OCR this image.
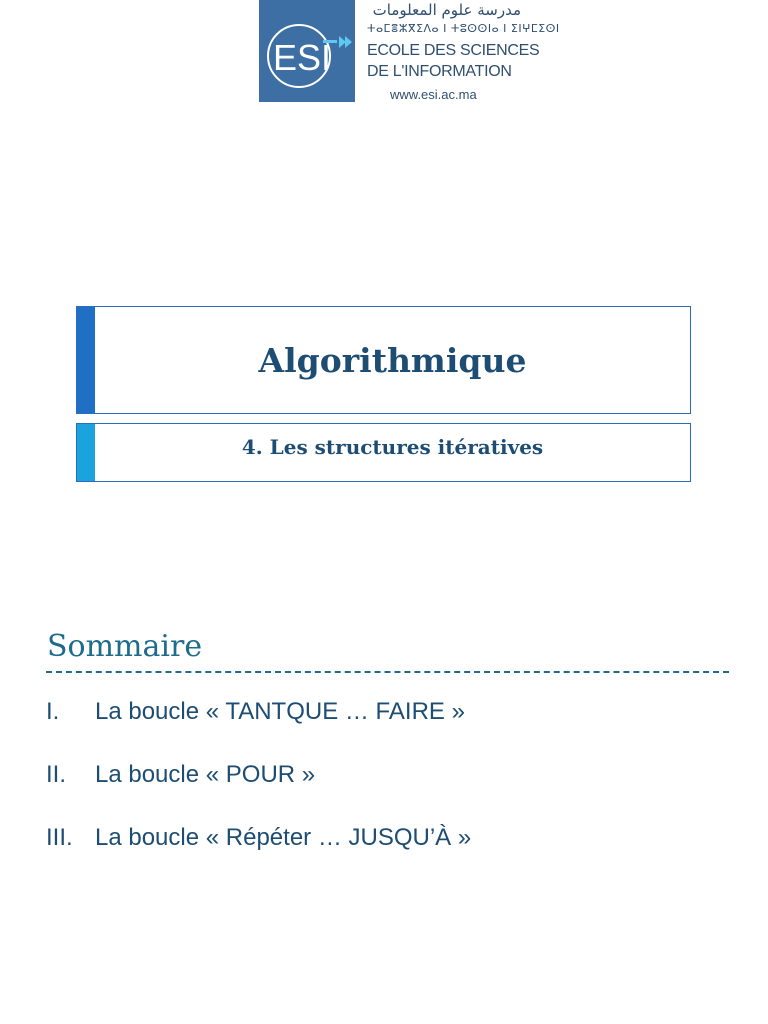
ESI
مدرسة علوم المعلومات
ⵜⴰⵎⴻⵣⴳⵉⴷⴰ ⵏ ⵜⵓⵙⵙⵏⴰ ⵏ ⵉⵏⵖⵎⵉⵙⵏ
ECOLE DES SCIENCES
DE L'INFORMATION
www.esi.ac.ma
Algorithmique
4. Les structures itératives
Sommaire
I. La boucle « TANTQUE … FAIRE »
II. La boucle « POUR »
III. La boucle « Répéter … JUSQU’À »
